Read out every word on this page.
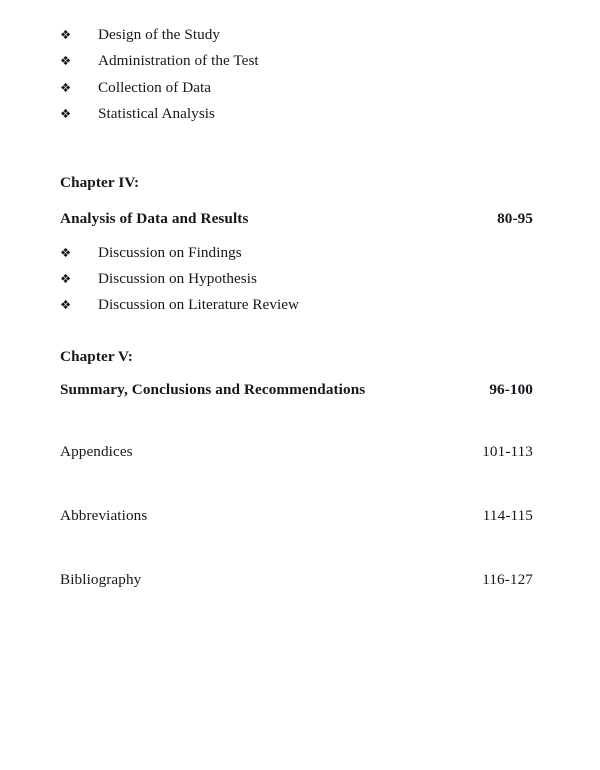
❖	Design of the Study
❖	Administration of the Test
❖	Collection of Data
❖	Statistical Analysis
Chapter IV:
Analysis of Data and Results	80-95
❖	Discussion on Findings
❖	Discussion on Hypothesis
❖	Discussion on Literature Review
Chapter V:
Summary, Conclusions and Recommendations	96-100
Appendices	101-113
Abbreviations	114-115
Bibliography	116-127
